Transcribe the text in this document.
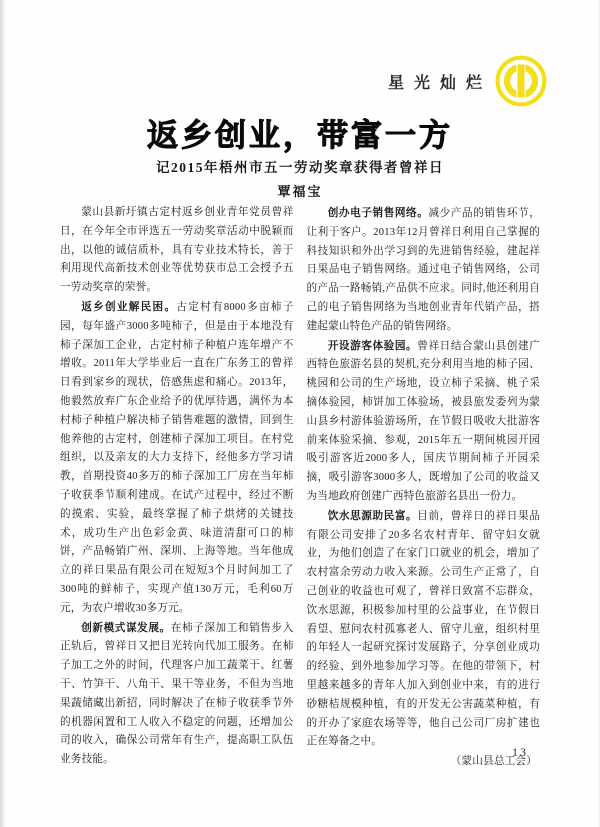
星光灿烂
返乡创业，带富一方
记2015年梧州市五一劳动奖章获得者曾祥日
覃福宝

蒙山县新圩镇古定村返乡创业青年党员曾祥日，在今年全市评选五一劳动奖章活动中脱颖而出，以他的诚信质朴，具有专业技术特长，善于利用现代高新技术创业等优势获市总工会授予五一劳动奖章的荣誉。

返乡创业解民困。古定村有8000多亩柿子园，每年盛产3000多吨柿子，但是由于本地没有柿子深加工企业，古定村柿子种植户连年增产不增收。2011年大学毕业后一直在广东务工的曾祥日看到家乡的现状，倍感焦虑和痛心。2013年，他毅然放弃广东企业给予的优厚待遇，满怀为本村柿子种植户解决柿子销售难题的激情，回到生他养他的古定村，创建柿子深加工项目。在村党组织，以及亲友的大力支持下，经他多方学习请教，首期投资40多万的柿子深加工厂房在当年柿子收获季节顺利建成。在试产过程中，经过不断的摸索、实验，最终掌握了柿子烘烤的关键技术，成功生产出色彩金黄、味道清甜可口的柿饼，产品畅销广州、深圳、上海等地。当年他成立的祥日果品有限公司在短短3个月时间加工了300吨的鲜柿子，实现产值130万元，毛利60万元，为农户增收30多万元。

创新模式谋发展。在柿子深加工和销售步入正轨后，曾祥日又把目光转向代加工服务。在柿子加工之外的时间，代理客户加工蔬菜干、红薯干、竹笋干、八角干、果干等业务，不但为当地果蔬储藏出新招，同时解决了在柿子收获季节外的机器闲置和工人收入不稳定的问题，还增加公司的收入，确保公司常年有生产，提高职工队伍业务技能。

创办电子销售网络。减少产品的销售环节，让利于客户。2013年12月曾祥日利用自己掌握的科技知识和外出学习到的先进销售经验，建起祥日果品电子销售网络。通过电子销售网络，公司的产品一路畅销,产品供不应求。同时,他还利用自己的电子销售网络为当地创业青年代销产品，搭建起蒙山特色产品的销售网络。

开设游客体验园。曾祥日结合蒙山县创建广西特色旅游名县的契机,充分利用当地的柿子园、桃园和公司的生产场地，设立柿子采摘、桃子采摘体验园，柿饼加工体验场，被县旅发委列为蒙山县乡村游体验游场所，在节假日吸收大批游客前来体验采摘、参观，2015年五一期间桃园开园吸引游客近2000多人，国庆节期间柿子开园采摘，吸引游客3000多人，既增加了公司的收益又为当地政府创建广西特色旅游名县出一份力。

饮水思源助民富。目前，曾祥日的祥日果品有限公司安排了20多名农村青年、留守妇女就业，为他们创造了在家门口就业的机会，增加了农村富余劳动力收入来源。公司生产正常了，自己创业的收益也可观了，曾祥日致富不忘群众，饮水思源，积极参加村里的公益事业，在节假日看望、慰问农村孤寡老人、留守儿童，组织村里的年轻人一起研究探讨发展路子，分享创业成功的经验、到外地参加学习等。在他的带领下，村里越来越多的青年人加入到创业中来，有的进行砂糖桔规模种植，有的开发无公害蔬菜种植，有的开办了家庭农场等等，他自己公司厂房扩建也正在筹备之中。

（蒙山县总工会）

13
